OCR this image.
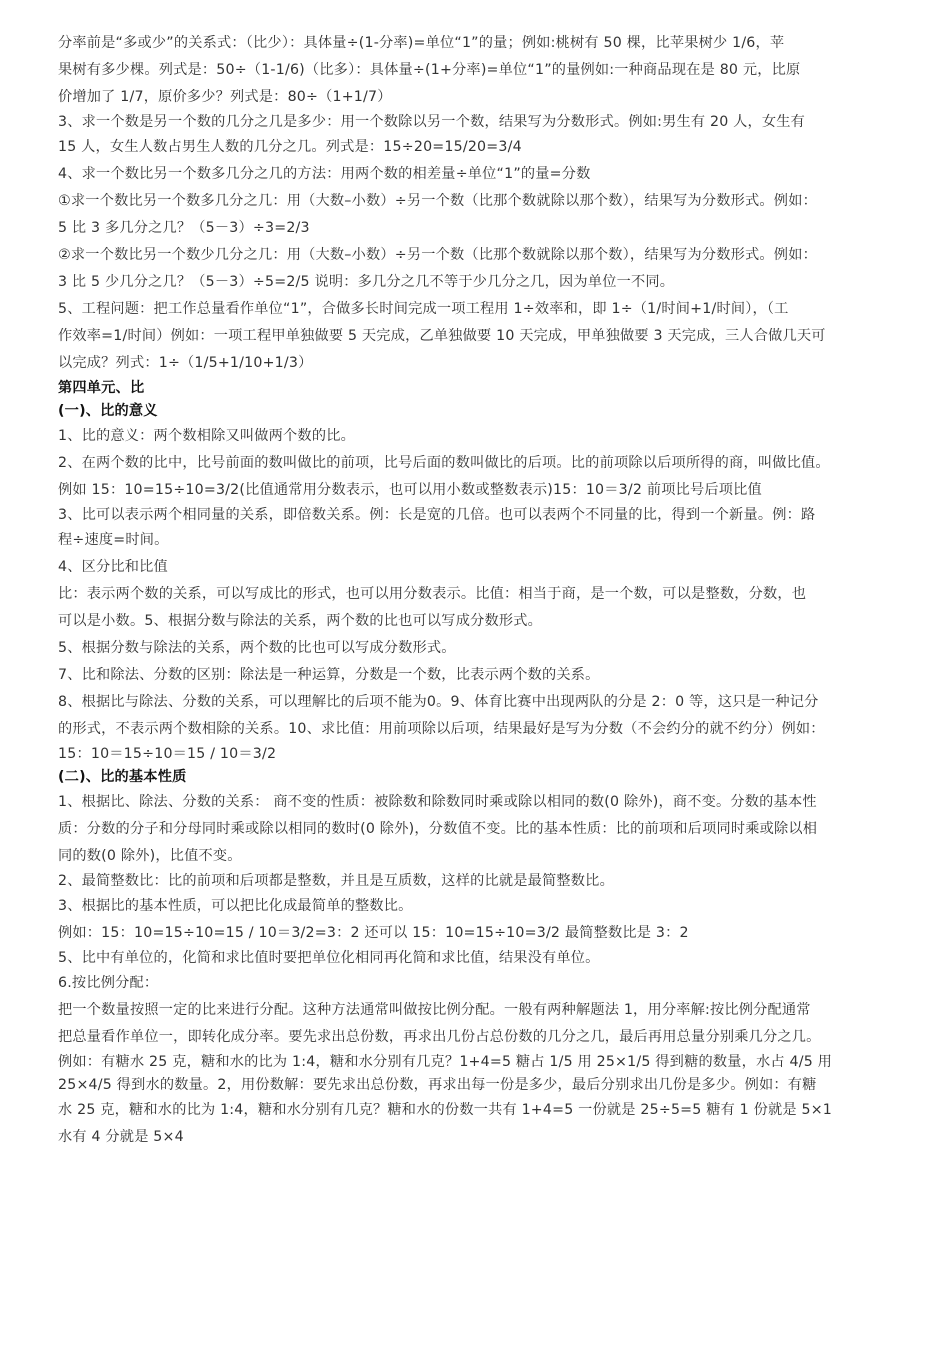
分率前是“多或少”的关系式：（比少）：具体量÷(1-分率)=单位“1”的量；例如:桃树有 50 棵，比苹果树少 1/6，苹

果树有多少棵。列式是：50÷（1-1/6)（比多）：具体量÷(1+分率)=单位“1”的量例如:一种商品现在是 80 元，比原

价增加了 1/7，原价多少？列式是：80÷（1+1/7）

3、求一个数是另一个数的几分之几是多少：用一个数除以另一个数，结果写为分数形式。例如:男生有 20 人，女生有

15 人，女生人数占男生人数的几分之几。列式是：15÷20=15/20=3/4

4、求一个数比另一个数多几分之几的方法：用两个数的相差量÷单位“1”的量=分数

①求一个数比另一个数多几分之几：用（大数–小数）÷另一个数（比那个数就除以那个数），结果写为分数形式。例如：

5 比 3 多几分之几？（5－3）÷3=2/3

②求一个数比另一个数少几分之几：用（大数–小数）÷另一个数（比那个数就除以那个数），结果写为分数形式。例如：

3 比 5 少几分之几？（5－3）÷5=2/5 说明：多几分之几不等于少几分之几，因为单位一不同。

5、工程问题：把工作总量看作单位“1”，合做多长时间完成一项工程用 1÷效率和，即 1÷（1/时间+1/时间），（工

作效率=1/时间）例如：一项工程甲单独做要 5 天完成，乙单独做要 10 天完成，甲单独做要 3 天完成，三人合做几天可

以完成？列式：1÷（1/5+1/10+1/3）

第四单元、比

(一)、比的意义

1、比的意义：两个数相除又叫做两个数的比。

2、在两个数的比中，比号前面的数叫做比的前项，比号后面的数叫做比的后项。比的前项除以后项所得的商，叫做比值。

例如 15：10=15÷10=3/2(比值通常用分数表示，也可以用小数或整数表示)15：10＝3/2 前项比号后项比值

3、比可以表示两个相同量的关系，即倍数关系。例：长是宽的几倍。也可以表两个不同量的比，得到一个新量。例：路

程÷速度=时间。

4、区分比和比值

比：表示两个数的关系，可以写成比的形式，也可以用分数表示。比值：相当于商，是一个数，可以是整数，分数，也

可以是小数。5、根据分数与除法的关系，两个数的比也可以写成分数形式。

5、根据分数与除法的关系，两个数的比也可以写成分数形式。

7、比和除法、分数的区别：除法是一种运算，分数是一个数，比表示两个数的关系。

8、根据比与除法、分数的关系，可以理解比的后项不能为0。9、体育比赛中出现两队的分是 2：0 等，这只是一种记分

的形式，不表示两个数相除的关系。10、求比值：用前项除以后项，结果最好是写为分数（不会约分的就不约分）例如：

15：10＝15÷10＝15 / 10＝3/2

(二)、比的基本性质

1、根据比、除法、分数的关系： 商不变的性质：被除数和除数同时乘或除以相同的数(0 除外)，商不变。分数的基本性

质：分数的分子和分母同时乘或除以相同的数时(0 除外)，分数值不变。比的基本性质：比的前项和后项同时乘或除以相

同的数(0 除外)，比值不变。

2、最简整数比：比的前项和后项都是整数，并且是互质数，这样的比就是最简整数比。

3、根据比的基本性质，可以把比化成最简单的整数比。

例如：15：10=15÷10=15 / 10＝3/2=3：2 还可以 15：10=15÷10=3/2 最简整数比是 3：2

5、比中有单位的，化简和求比值时要把单位化相同再化简和求比值，结果没有单位。

6.按比例分配：

把一个数量按照一定的比来进行分配。这种方法通常叫做按比例分配。一般有两种解题法 1，用分率解:按比例分配通常

把总量看作单位一，即转化成分率。要先求出总份数，再求出几份占总份数的几分之几，最后再用总量分别乘几分之几。

例如：有糖水 25 克，糖和水的比为 1:4，糖和水分别有几克？1+4=5 糖占 1/5 用 25×1/5 得到糖的数量，水占 4/5 用

25×4/5 得到水的数量。2，用份数解：要先求出总份数，再求出每一份是多少，最后分别求出几份是多少。例如：有糖

水 25 克，糖和水的比为 1:4，糖和水分别有几克？糖和水的份数一共有 1+4=5 一份就是 25÷5=5 糖有 1 份就是 5×1

水有 4 分就是 5×4
